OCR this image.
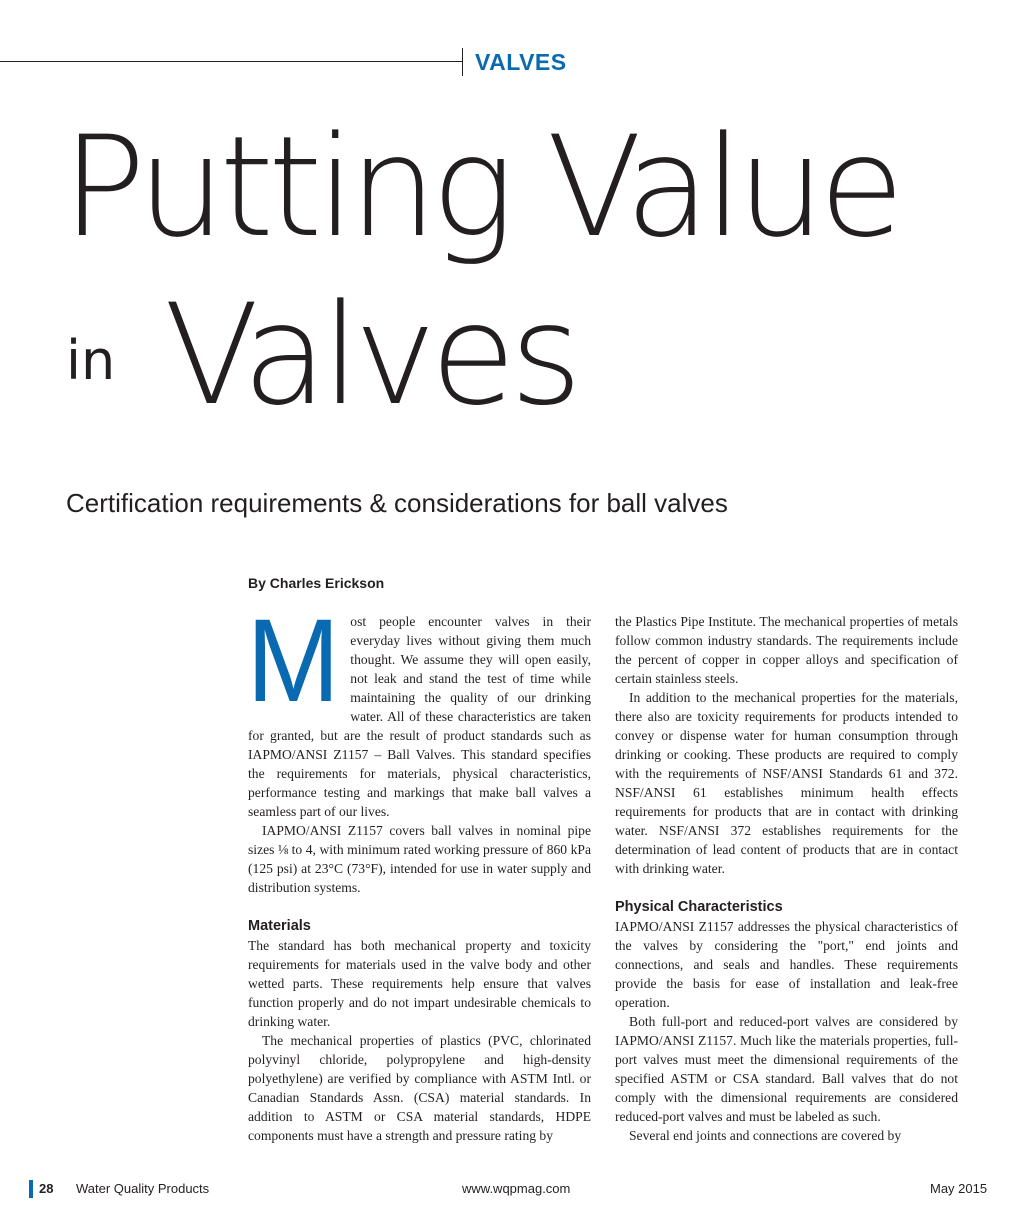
VALVES
Putting Value
in Valves
Certification requirements & considerations for ball valves
By Charles Erickson
M ost people encounter valves in their everyday lives without giving them much thought. We assume they will open easily, not leak and stand the test of time while maintaining the quality of our drinking water. All of these characteristics are taken for granted, but are the result of product standards such as IAPMO/ANSI Z1157 – Ball Valves. This standard specifies the requirements for materials, physical characteristics, performance testing and markings that make ball valves a seamless part of our lives.

IAPMO/ANSI Z1157 covers ball valves in nominal pipe sizes ⅛ to 4, with minimum rated working pressure of 860 kPa (125 psi) at 23°C (73°F), intended for use in water supply and distribution systems.

Materials

The standard has both mechanical property and toxicity requirements for materials used in the valve body and other wetted parts. These requirements help ensure that valves function properly and do not impart undesirable chemicals to drinking water.

The mechanical properties of plastics (PVC, chlorinated polyvinyl chloride, polypropylene and high-density polyethylene) are verified by compliance with ASTM Intl. or Canadian Standards Assn. (CSA) material standards. In addition to ASTM or CSA material standards, HDPE components must have a strength and pressure rating by

the Plastics Pipe Institute. The mechanical properties of metals follow common industry standards. The requirements include the percent of copper in copper alloys and specification of certain stainless steels.

In addition to the mechanical properties for the materials, there also are toxicity requirements for products intended to convey or dispense water for human consumption through drinking or cooking. These products are required to comply with the requirements of NSF/ANSI Standards 61 and 372. NSF/ANSI 61 establishes minimum health effects requirements for products that are in contact with drinking water. NSF/ANSI 372 establishes requirements for the determination of lead content of products that are in contact with drinking water.

Physical Characteristics

IAPMO/ANSI Z1157 addresses the physical characteristics of the valves by considering the "port," end joints and connections, and seals and handles. These requirements provide the basis for ease of installation and leak-free operation.

Both full-port and reduced-port valves are considered by IAPMO/ANSI Z1157. Much like the materials properties, full-port valves must meet the dimensional requirements of the specified ASTM or CSA standard. Ball valves that do not comply with the dimensional requirements are considered reduced-port valves and must be labeled as such.

Several end joints and connections are covered by

28 Water Quality Products	www.wqpmag.com	May 2015
